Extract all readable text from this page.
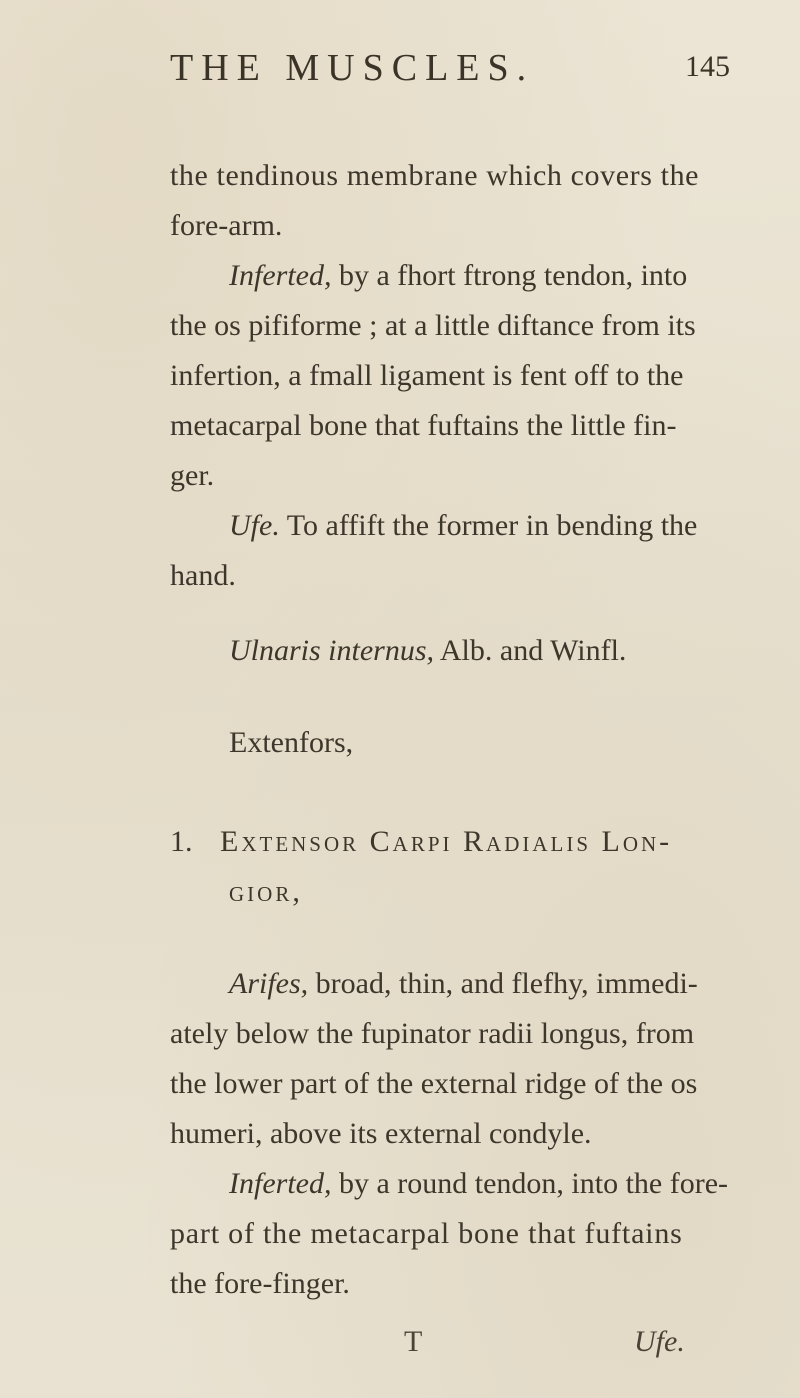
THE MUSCLES.	145
the tendinous membrane which covers the
fore-arm.
Inferted, by a fhort ftrong tendon, into
the os pififorme ; at a little diftance from its
infertion, a fmall ligament is fent off to the
metacarpal bone that fuftains the little fin-
ger.
Ufe. To affift the former in bending the
hand.
Ulnaris internus, Alb. and Winfl.
Extenfors,
1. Extensor Carpi Radialis Lon-
gior,
Arifes, broad, thin, and flefhy, immedi-
ately below the fupinator radii longus, from
the lower part of the external ridge of the os
humeri, above its external condyle.
Inferted, by a round tendon, into the fore-
part of the metacarpal bone that fuftains
the fore-finger.
T	Ufe.
